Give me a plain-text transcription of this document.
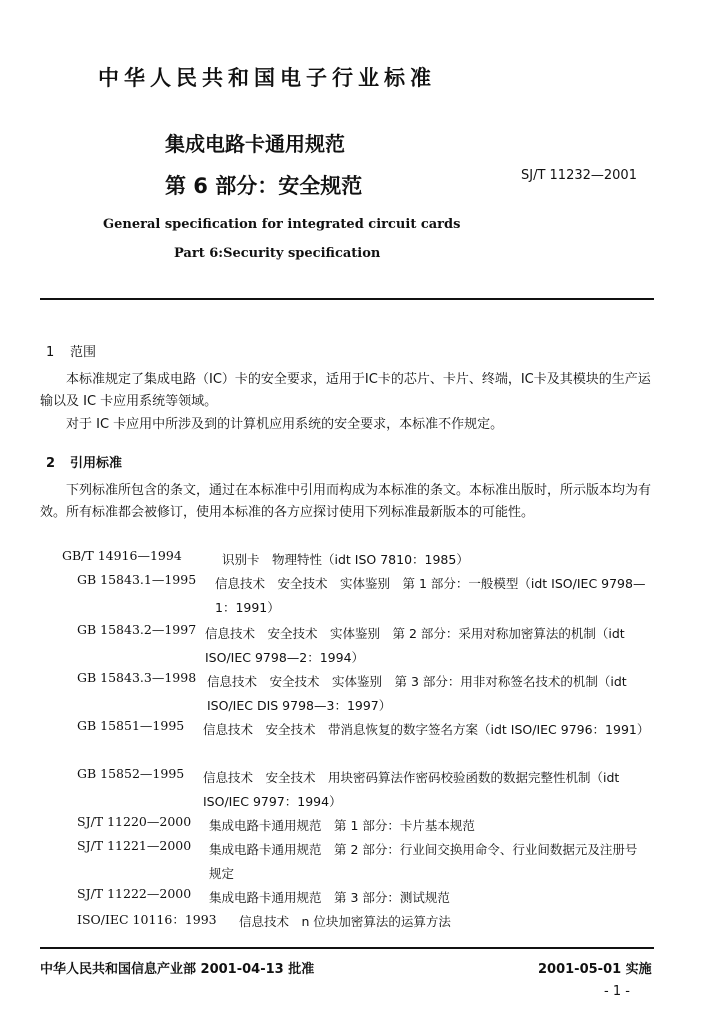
中华人民共和国电子行业标准
集成电路卡通用规范
第 6 部分：安全规范	SJ/T 11232—2001
General specification for integrated circuit cards
Part 6:Security specification
1 范围
本标准规定了集成电路（IC）卡的安全要求，适用于IC卡的芯片、卡片、终端，IC卡及其模块的生产运输以及 IC 卡应用系统等领域。
对于 IC 卡应用中所涉及到的计算机应用系统的安全要求，本标准不作规定。
2 引用标准
下列标准所包含的条文，通过在本标准中引用而构成为本标准的条文。本标准出版时，所示版本均为有效。所有标准都会被修订，使用本标准的各方应探讨使用下列标准最新版本的可能性。
GB/T 14916—1994	识别卡　物理特性（idt ISO 7810：1985）
GB 15843.1—1995	信息技术　安全技术　实体鉴别　第 1 部分：一般模型（idt ISO/IEC 9798—1：1991）
GB 15843.2—1997 信息技术　安全技术　实体鉴别　第 2 部分：采用对称加密算法的机制（idt ISO/IEC 9798—2：1994）
GB 15843.3—1998 信息技术　安全技术　实体鉴别　第 3 部分：用非对称签名技术的机制（idt ISO/IEC DIS 9798—3：1997）
GB 15851—1995	信息技术　安全技术　带消息恢复的数字签名方案（idt ISO/IEC 9796：1991）
GB 15852—1995	信息技术　安全技术　用块密码算法作密码校验函数的数据完整性机制（idt ISO/IEC 9797：1994）
SJ/T 11220—2000	集成电路卡通用规范　第 1 部分：卡片基本规范
SJ/T 11221—2000	集成电路卡通用规范　第 2 部分：行业间交换用命令、行业间数据元及注册号规定
SJ/T 11222—2000	集成电路卡通用规范　第 3 部分：测试规范
ISO/IEC 10116：1993	信息技术　n 位块加密算法的运算方法
中华人民共和国信息产业部 2001-04-13 批准	2001-05-01 实施
- 1 -
